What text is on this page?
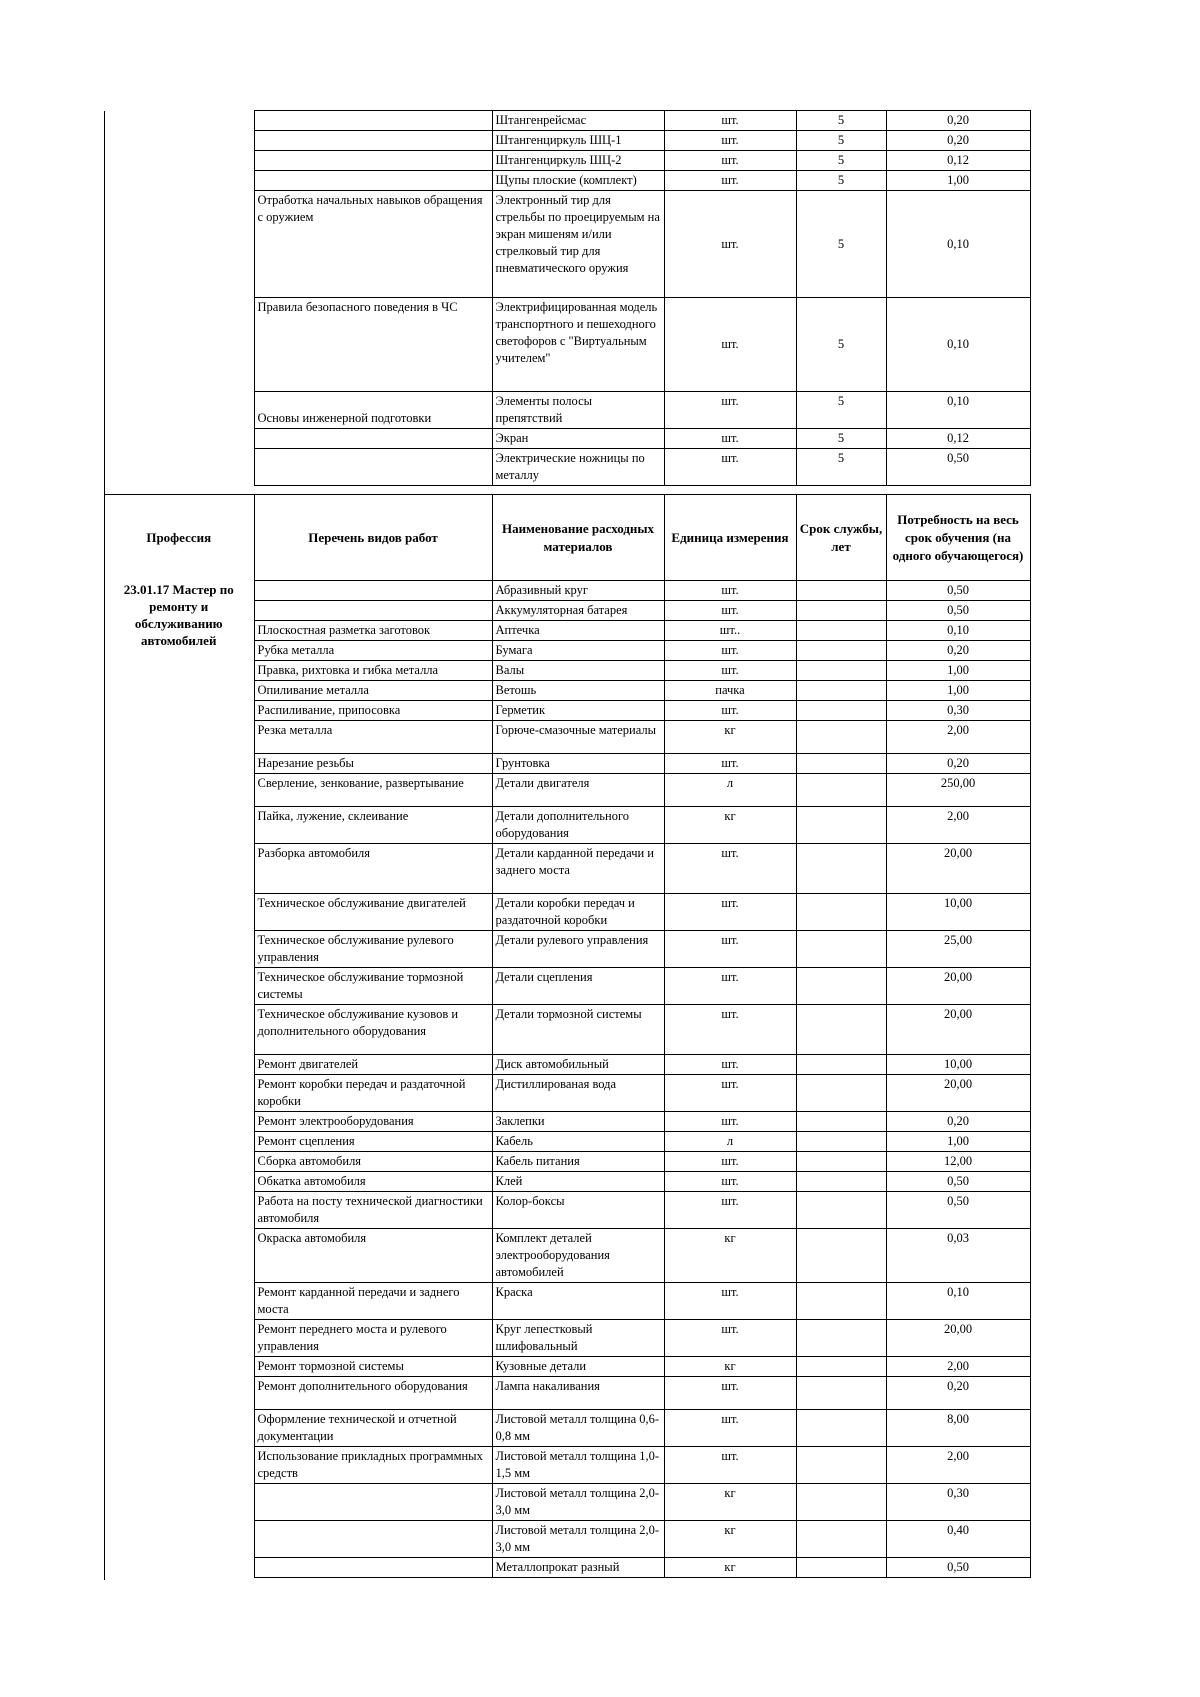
		Штангенрейсмас	шт.	5	0,20
		Штангенциркуль ШЦ-1	шт.	5	0,20
		Штангенциркуль ШЦ-2	шт.	5	0,12
		Щупы плоские (комплект)	шт.	5	1,00
	Отработка начальных навыков обращения с оружием	Электронный тир для стрельбы по проецируемым на экран мишеням и/или стрелковый тир для пневматического оружия	шт.	5	0,10
	Правила безопасного поведения в ЧС	Электрифицированная модель транспортного и пешеходного светофоров с "Виртуальным учителем"	шт.	5	0,10
	Основы инженерной подготовки	Элементы полосы препятствий	шт.	5	0,10
		Экран	шт.	5	0,12
		Электрические ножницы по металлу	шт.	5	0,50
Профессия	Перечень видов работ	Наименование расходных материалов	Единица измерения	Срок службы, лет	Потребность на весь срок обучения (на одного обучающегося)
23.01.17 Мастер по ремонту и обслуживанию автомобилей		Абразивный круг	шт.		0,50
		Аккумуляторная батарея	шт.		0,50
	Плоскостная разметка заготовок	Аптечка	шт..		0,10
	Рубка металла	Бумага	шт.		0,20
	Правка, рихтовка и гибка металла	Валы	шт.		1,00
	Опиливание металла	Ветошь	пачка		1,00
	Распиливание, припосовка	Герметик	шт.		0,30
	Резка металла	Горюче-смазочные материалы	кг		2,00
	Нарезание резьбы	Грунтовка	шт.		0,20
	Сверление, зенкование, развертывание	Детали двигателя	л		250,00
	Пайка, лужение, склеивание	Детали дополнительного оборудования	кг		2,00
	Разборка автомобиля	Детали карданной передачи и заднего моста	шт.		20,00
	Техническое обслуживание двигателей	Детали коробки передач и раздаточной коробки	шт.		10,00
	Техническое обслуживание рулевого управления	Детали рулевого управления	шт.		25,00
	Техническое обслуживание тормозной системы	Детали сцепления	шт.		20,00
	Техническое обслуживание кузовов и дополнительного оборудования	Детали тормозной системы	шт.		20,00
	Ремонт двигателей	Диск автомобильный	шт.		10,00
	Ремонт коробки передач и раздаточной коробки	Дистиллированая вода	шт.		20,00
	Ремонт электрооборудования	Заклепки	шт.		0,20
	Ремонт сцепления	Кабель	л		1,00
	Сборка автомобиля	Кабель питания	шт.		12,00
	Обкатка автомобиля	Клей	шт.		0,50
	Работа на посту технической диагностики автомобиля	Колор-боксы	шт.		0,50
	Окраска автомобиля	Комплект деталей электрооборудования автомобилей	кг		0,03
	Ремонт карданной передачи и заднего моста	Краска	шт.		0,10
	Ремонт переднего моста и рулевого управления	Круг лепестковый шлифовальный	шт.		20,00
	Ремонт тормозной системы	Кузовные детали	кг		2,00
	Ремонт дополнительного оборудования	Лампа накаливания	шт.		0,20
	Оформление технической и отчетной документации	Листовой металл толщина 0,6-0,8 мм	шт.		8,00
	Использование прикладных программных средств	Листовой металл толщина 1,0-1,5 мм	шт.		2,00
		Листовой металл толщина 2,0-3,0 мм	кг		0,30
		Листовой металл толщина 2,0-3,0 мм	кг		0,40
		Металлопрокат разный	кг		0,50
